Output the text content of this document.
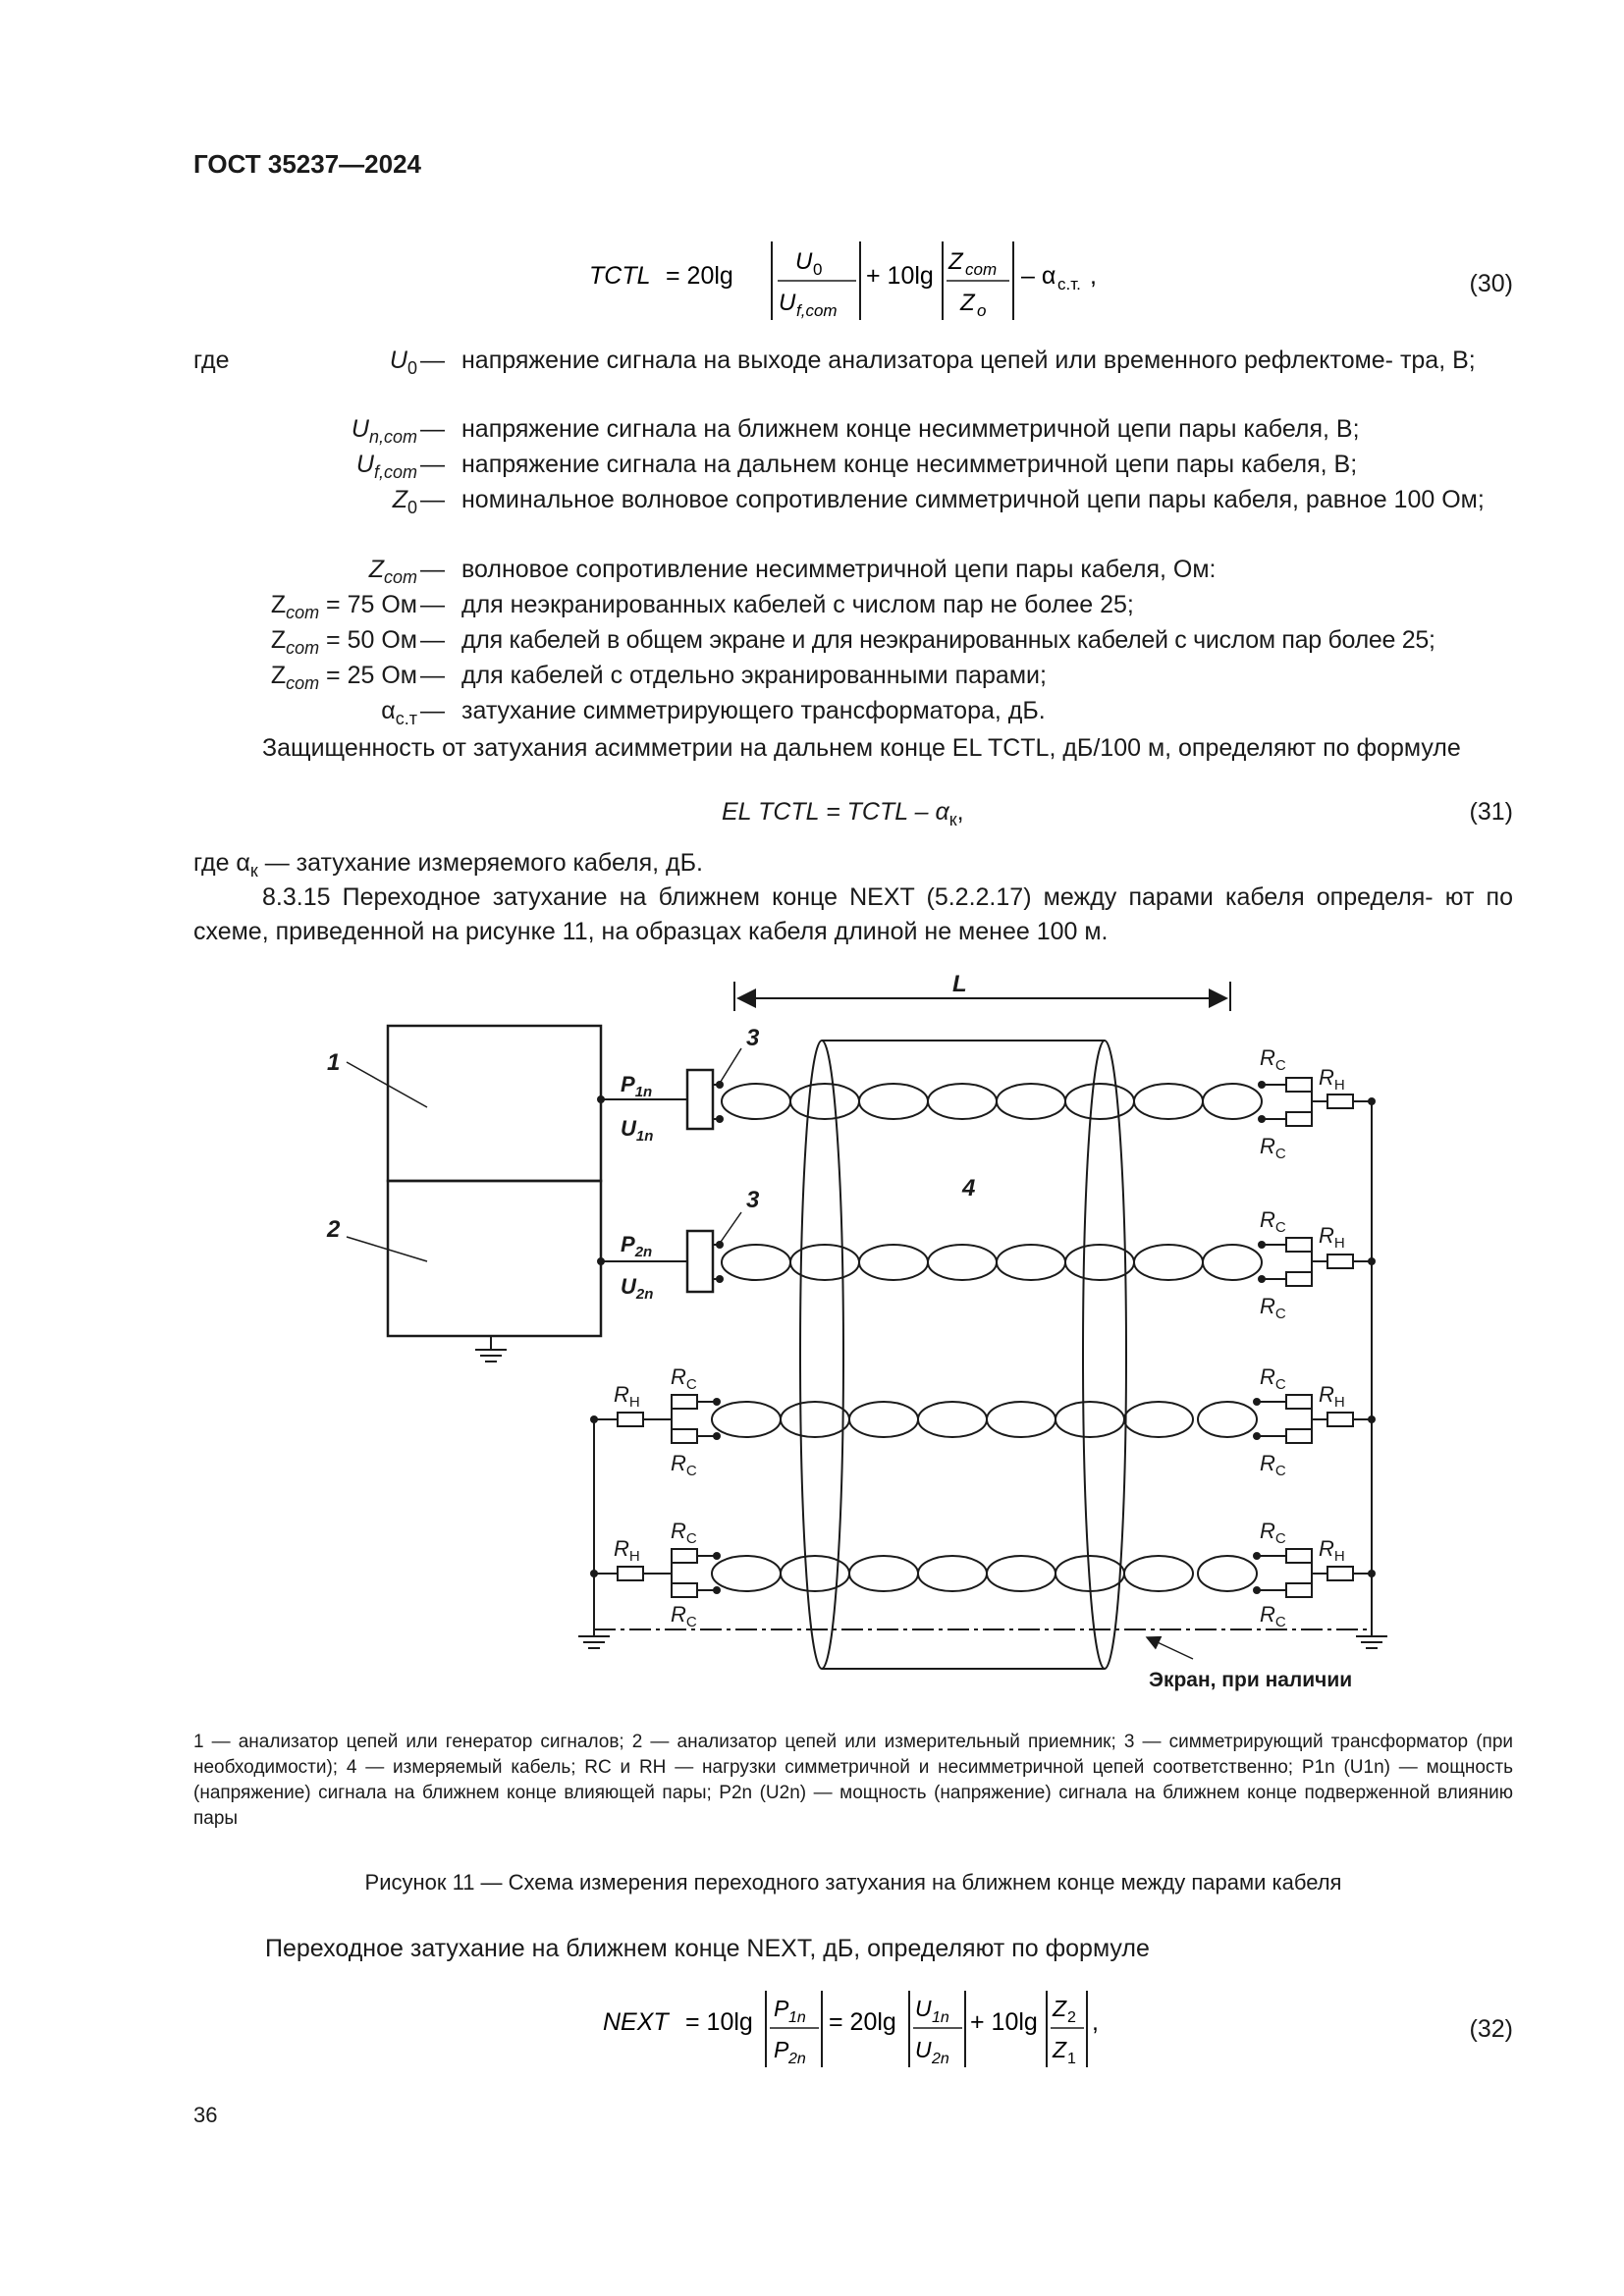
ГОСТ 35237—2024
TCTL = 20lg
U 0
U f,com
+ 10lg
Z com
Z o
– α с.т. ,	(30)
где	$U_0$ — напряжение сигнала на выходе анализатора цепей или временного рефлектоме- тра, В;
$U_{n,com}$ — напряжение сигнала на ближнем конце несимметричной цепи пары кабеля, В;
$U_{f,com}$ — напряжение сигнала на дальнем конце несимметричной цепи пары кабеля, В;
$Z_0$ — номинальное волновое сопротивление симметричной цепи пары кабеля, равное 100 Ом;
$Z_{com}$ — волновое сопротивление несимметричной цепи пары кабеля, Ом:
$Z_{com} = 75$ Ом — для неэкранированных кабелей с числом пар не более 25;
$Z_{com} = 50$ Ом — для кабелей в общем экране и для неэкранированных кабелей с числом пар более 25;
$Z_{com} = 25$ Ом — для кабелей с отдельно экранированными парами;
$\alpha_{с.т}$ — затухание симметрирующего трансформатора, дБ.
Защищенность от затухания асимметрии на дальнем конце EL TCTL, дБ/100 м, определяют по формуле
EL TCTL = TCTL – $\alpha_к$,	(31)
где $\alpha_к$ — затухание измеряемого кабеля, дБ.
8.3.15 Переходное затухание на ближнем конце NEXT (5.2.2.17) между парами кабеля определя- ют по схеме, приведенной на рисунке 11, на образцах кабеля длиной не менее 100 м.
L
1
2
3
3	4
$P_{1n}$
$U_{1n}$
$P_{2n}$
$U_{2n}$
$R_С$
$R_С$
$R_Н$
$R_С$
$R_С$
$R_Н$
$R_С$
$R_С$
$R_Н$
$R_С$
$R_С$
$R_Н$
$R_С$
$R_С$
$R_Н$
$R_С$
$R_С$
$R_Н$
Экран, при наличии
1 — анализатор цепей или генератор сигналов; 2 — анализатор цепей или измерительный приемник; 3 — симметрирующий трансформатор (при необходимости); 4 — измеряемый кабель; RС и RН — нагрузки симметричной и несимметричной цепей соответственно; P1n (U1n) — мощность (напряжение) сигнала на ближнем конце влияющей пары; P2n (U2n) — мощность (напряжение) сигнала на ближнем конце подверженной влиянию пары
Рисунок 11 — Схема измерения переходного затухания на ближнем конце между парами кабеля
Переходное затухание на ближнем конце NEXT, дБ, определяют по формуле
NEXT = 10lg P 1n
P 2n
= 20lg U 1n
U 2n
+ 10lg Z 2
Z 1
,	(32)
36
